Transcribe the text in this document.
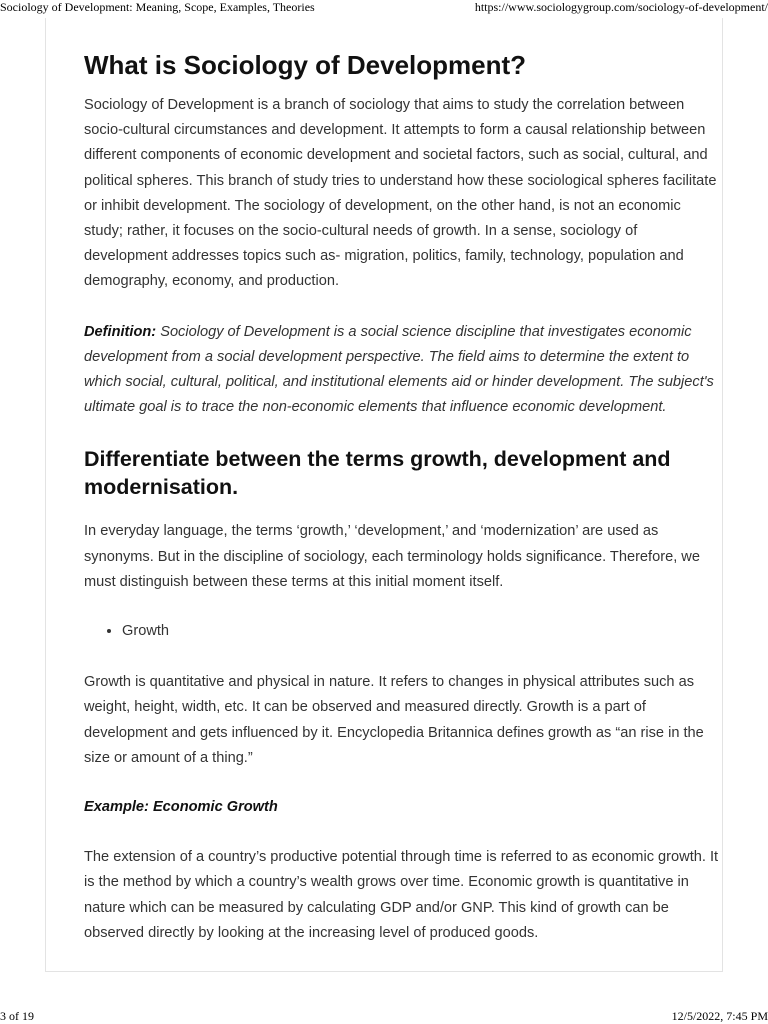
Sociology of Development: Meaning, Scope, Examples, Theories	https://www.sociologygroup.com/sociology-of-development/
What is Sociology of Development?

Sociology of Development is a branch of sociology that aims to study the correlation between
socio-cultural circumstances and development. It attempts to form a causal relationship between
different components of economic development and societal factors, such as social, cultural, and
political spheres. This branch of study tries to understand how these sociological spheres facilitate
or inhibit development. The sociology of development, on the other hand, is not an economic
study; rather, it focuses on the socio-cultural needs of growth. In a sense, sociology of
development addresses topics such as- migration, politics, family, technology, population and
demography, economy, and production.

Definition: Sociology of Development is a social science discipline that investigates economic
development from a social development perspective. The field aims to determine the extent to
which social, cultural, political, and institutional elements aid or hinder development. The subject's
ultimate goal is to trace the non-economic elements that influence economic development.

Differentiate between the terms growth, development and
modernisation.

In everyday language, the terms ‘growth,’ ‘development,’ and ‘modernization’ are used as
synonyms. But in the discipline of sociology, each terminology holds significance. Therefore, we
must distinguish between these terms at this initial moment itself.

• Growth

Growth is quantitative and physical in nature. It refers to changes in physical attributes such as
weight, height, width, etc. It can be observed and measured directly. Growth is a part of
development and gets influenced by it. Encyclopedia Britannica defines growth as “an rise in the
size or amount of a thing.”

Example: Economic Growth

The extension of a country’s productive potential through time is referred to as economic growth. It
is the method by which a country’s wealth grows over time. Economic growth is quantitative in
nature which can be measured by calculating GDP and/or GNP. This kind of growth can be
observed directly by looking at the increasing level of produced goods.

3 of 19	12/5/2022, 7:45 PM
